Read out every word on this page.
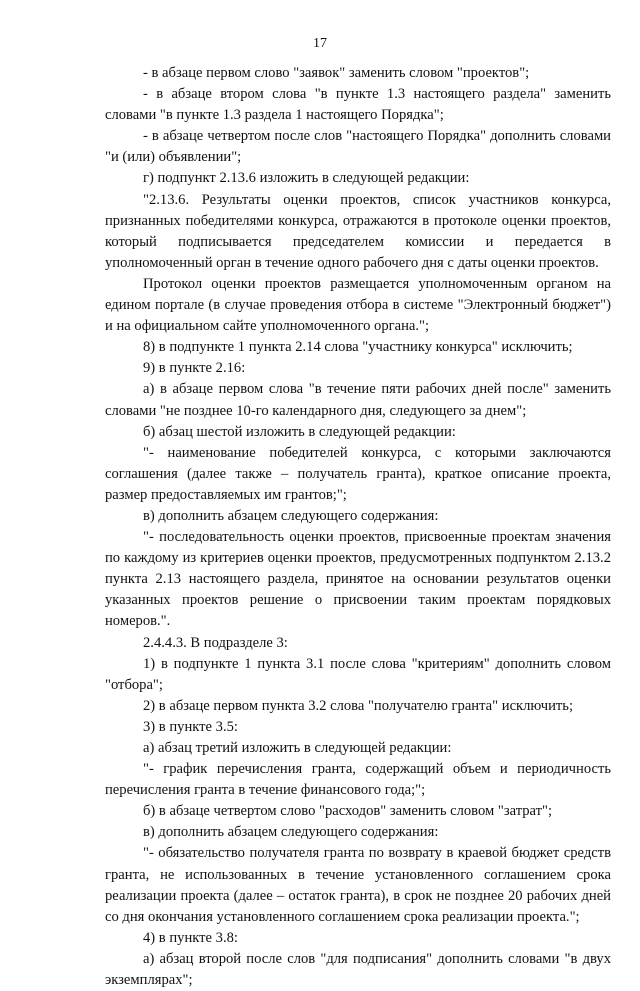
17

- в абзаце первом слово "заявок" заменить словом "проектов";

- в абзаце втором слова "в пункте 1.3 настоящего раздела" заменить словами "в пункте 1.3 раздела 1 настоящего Порядка";

- в абзаце четвертом после слов "настоящего Порядка" дополнить словами "и (или) объявлении";

г) подпункт 2.13.6 изложить в следующей редакции:

"2.13.6. Результаты оценки проектов, список участников конкурса, признанных победителями конкурса, отражаются в протоколе оценки проектов, который подписывается председателем комиссии и передается в уполномоченный орган в течение одного рабочего дня с даты оценки проектов.

Протокол оценки проектов размещается уполномоченным органом на едином портале (в случае проведения отбора в системе "Электронный бюджет") и на официальном сайте уполномоченного органа.";

8) в подпункте 1 пункта 2.14 слова "участнику конкурса" исключить;

9) в пункте 2.16:

а) в абзаце первом слова "в течение пяти рабочих дней после" заменить словами "не позднее 10-го календарного дня, следующего за днем";

б) абзац шестой изложить в следующей редакции:

"- наименование победителей конкурса, с которыми заключаются соглашения (далее также – получатель гранта), краткое описание проекта, размер предоставляемых им грантов;";

в) дополнить абзацем следующего содержания:

"- последовательность оценки проектов, присвоенные проектам значения по каждому из критериев оценки проектов, предусмотренных подпунктом 2.13.2 пункта 2.13 настоящего раздела, принятое на основании результатов оценки указанных проектов решение о присвоении таким проектам порядковых номеров.".

2.4.4.3. В подразделе 3:

1) в подпункте 1 пункта 3.1 после слова "критериям" дополнить словом "отбора";

2) в абзаце первом пункта 3.2 слова "получателю гранта" исключить;

3) в пункте 3.5:

а) абзац третий изложить в следующей редакции:

"- график перечисления гранта, содержащий объем и периодичность перечисления гранта в течение финансового года;";

б) в абзаце четвертом слово "расходов" заменить словом "затрат";

в) дополнить абзацем следующего содержания:

"- обязательство получателя гранта по возврату в краевой бюджет средств гранта, не использованных в течение установленного соглашением срока реализации проекта (далее – остаток гранта), в срок не позднее 20 рабочих дней со дня окончания установленного соглашением срока реализации проекта.";

4) в пункте 3.8:

а) абзац второй после слов "для подписания" дополнить словами "в двух экземплярах";
